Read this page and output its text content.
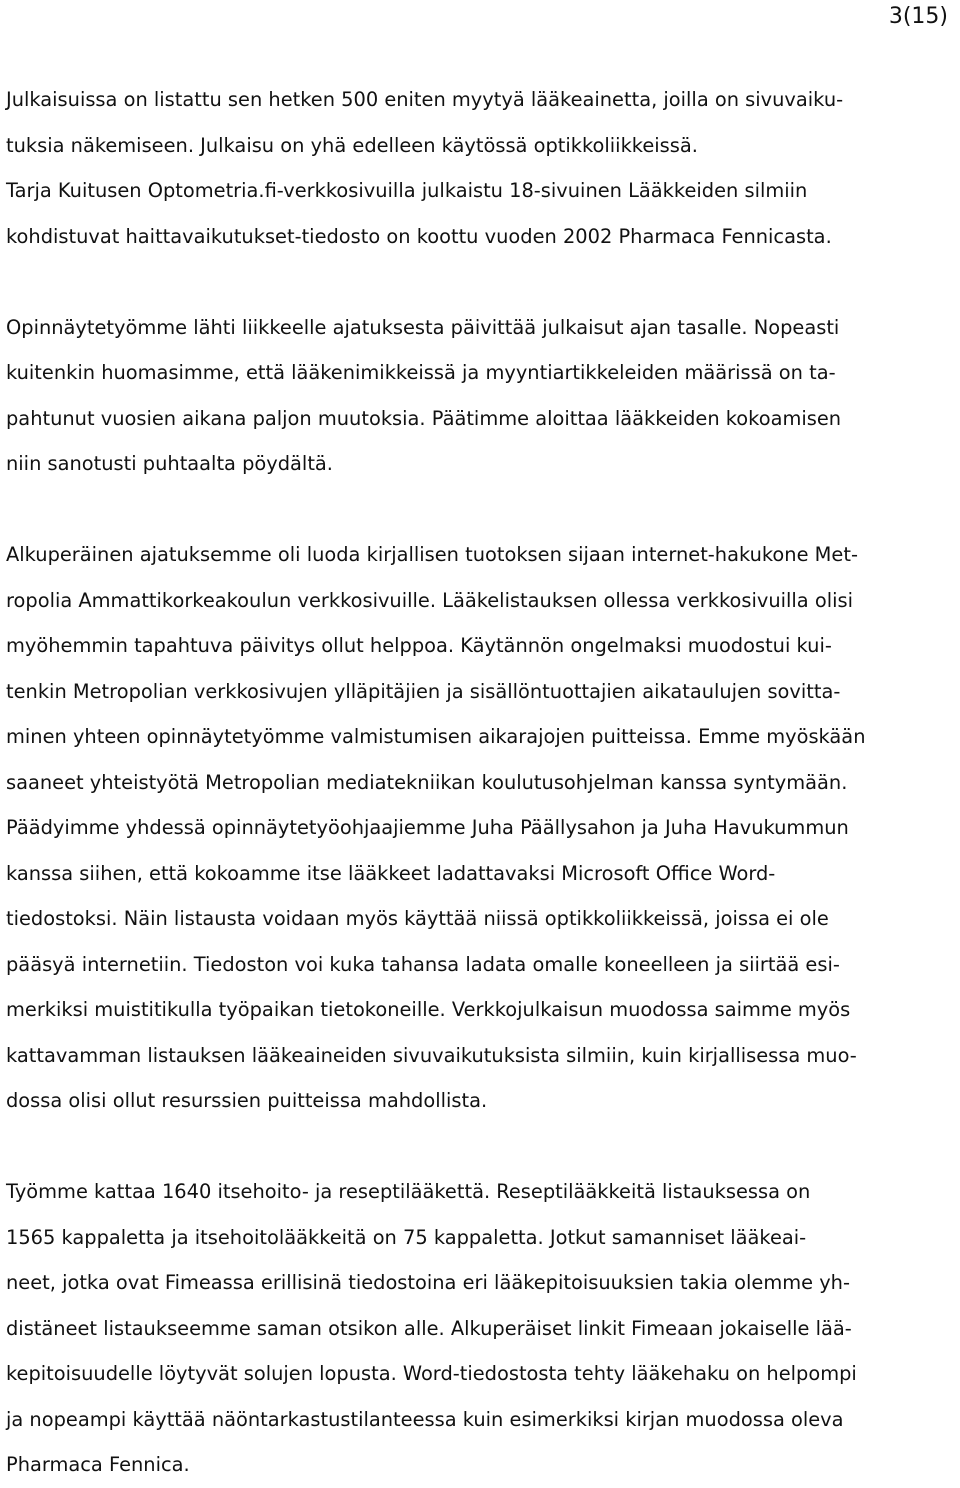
3(15)
Julkaisuissa on listattu sen hetken 500 eniten myytyä lääkeainetta, joilla on sivuvaiku-
tuksia näkemiseen. Julkaisu on yhä edelleen käytössä optikkoliikkeissä.
Tarja Kuitusen Optometria.fi-verkkosivuilla julkaistu 18-sivuinen Lääkkeiden silmiin
kohdistuvat haittavaikutukset-tiedosto on koottu vuoden 2002 Pharmaca Fennicasta.
Opinnäytetyömme lähti liikkeelle ajatuksesta päivittää julkaisut ajan tasalle. Nopeasti
kuitenkin huomasimme, että lääkenimikkeissä ja myyntiartikkeleiden määrissä on ta-
pahtunut vuosien aikana paljon muutoksia. Päätimme aloittaa lääkkeiden kokoamisen
niin sanotusti puhtaalta pöydältä.
Alkuperäinen ajatuksemme oli luoda kirjallisen tuotoksen sijaan internet-hakukone Met-
ropolia Ammattikorkeakoulun verkkosivuille. Lääkelistauksen ollessa verkkosivuilla olisi
myöhemmin tapahtuva päivitys ollut helppoa. Käytännön ongelmaksi muodostui kui-
tenkin Metropolian verkkosivujen ylläpitäjien ja sisällöntuottajien aikataulujen sovitta-
minen yhteen opinnäytetyömme valmistumisen aikarajojen puitteissa. Emme myöskään
saaneet yhteistyötä Metropolian mediatekniikan koulutusohjelman kanssa syntymään.
Päädyimme yhdessä opinnäytetyöohjaajiemme Juha Päällysahon ja Juha Havukummun
kanssa siihen, että kokoamme itse lääkkeet ladattavaksi Microsoft Office Word-
tiedostoksi. Näin listausta voidaan myös käyttää niissä optikkoliikkeissä, joissa ei ole
pääsyä internetiin. Tiedoston voi kuka tahansa ladata omalle koneelleen ja siirtää esi-
merkiksi muistitikulla työpaikan tietokoneille. Verkkojulkaisun muodossa saimme myös
kattavamman listauksen lääkeaineiden sivuvaikutuksista silmiin, kuin kirjallisessa muo-
dossa olisi ollut resurssien puitteissa mahdollista.
Työmme kattaa 1640 itsehoito- ja reseptilääkettä. Reseptilääkkeitä listauksessa on
1565 kappaletta ja itsehoitolääkkeitä on 75 kappaletta. Jotkut samanniset lääkeai-
neet, jotka ovat Fimeassa erillisinä tiedostoina eri lääkepitoisuuksien takia olemme yh-
distäneet listaukseemme saman otsikon alle. Alkuperäiset linkit Fimeaan jokaiselle lää-
kepitoisuudelle löytyvät solujen lopusta. Word-tiedostosta tehty lääkehaku on helpompi
ja nopeampi käyttää näöntarkastustilanteessa kuin esimerkiksi kirjan muodossa oleva
Pharmaca Fennica.
